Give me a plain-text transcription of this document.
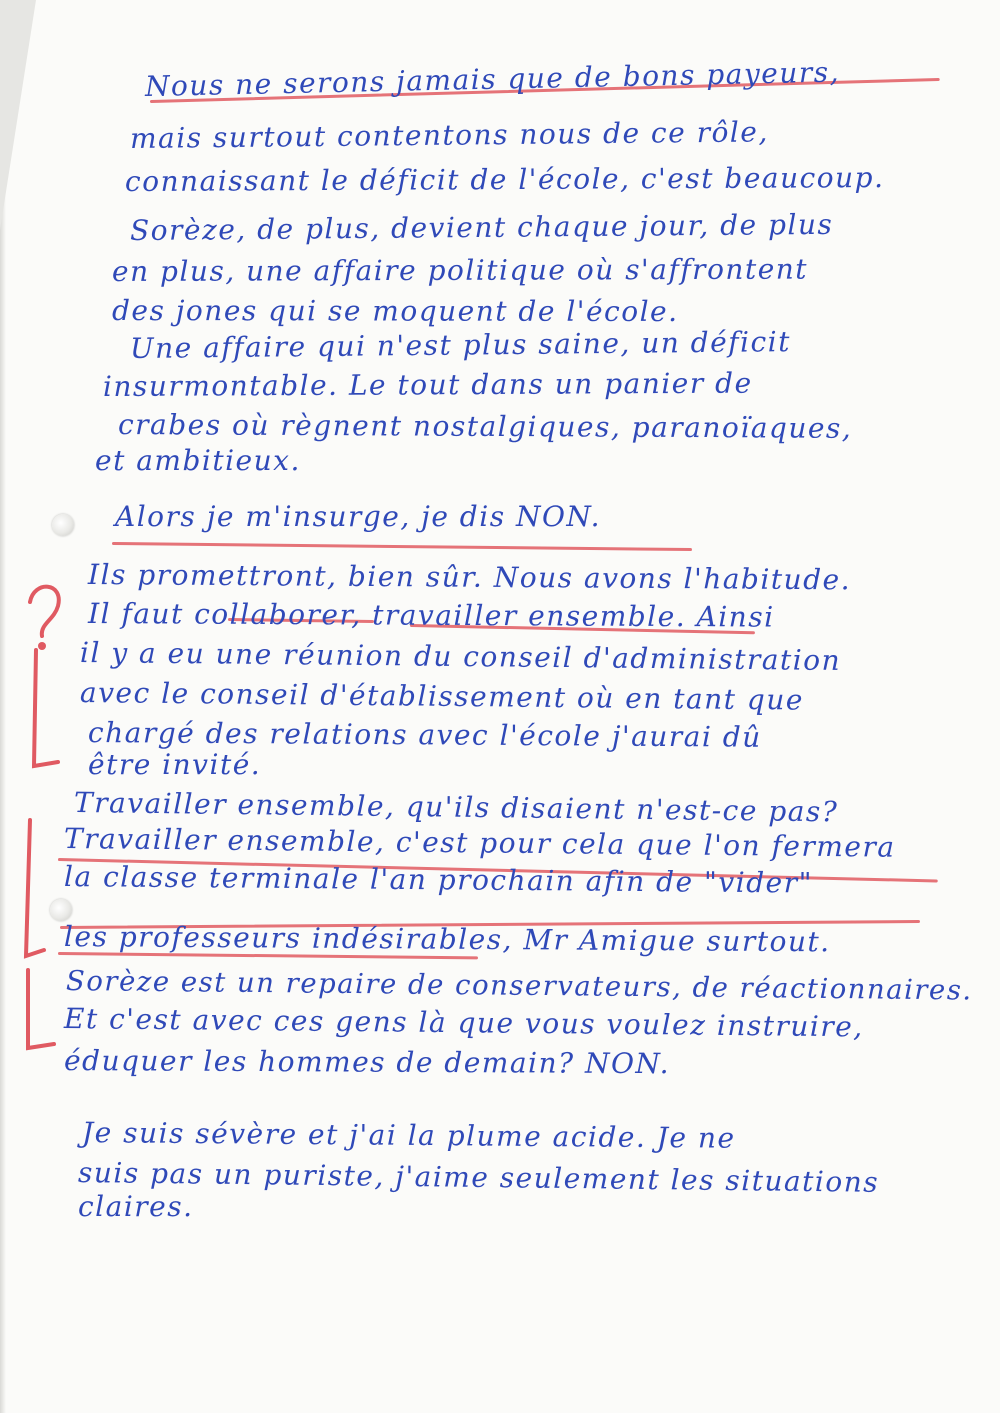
Nous ne serons jamais que de bons payeurs,
mais surtout contentons nous de ce rôle,
connaissant le déficit de l'école, c'est beaucoup.
Sorèze, de plus, devient chaque jour, de plus
en plus, une affaire politique où s'affrontent
des jones qui se moquent de l'école.
Une affaire qui n'est plus saine, un déficit
insurmontable. Le tout dans un panier de
crabes où règnent nostalgiques, paranoïaques,
et ambitieux.
Alors je m'insurge, je dis NON.
Ils promettront, bien sûr. Nous avons l'habitude.
Il faut collaborer, travailler ensemble. Ainsi
il y a eu une réunion du conseil d'administration
avec le conseil d'établissement où en tant que
chargé des relations avec l'école j'aurai dû
être invité.
Travailler ensemble, qu'ils disaient n'est-ce pas?
Travailler ensemble, c'est pour cela que l'on fermera
la classe terminale l'an prochain afin de "vider"
les professeurs indésirables, Mr Amigue surtout.
Sorèze est un repaire de conservateurs, de réactionnaires.
Et c'est avec ces gens là que vous voulez instruire,
éduquer les hommes de demain? NON.
Je suis sévère et j'ai la plume acide. Je ne
suis pas un puriste, j'aime seulement les situations
claires.
